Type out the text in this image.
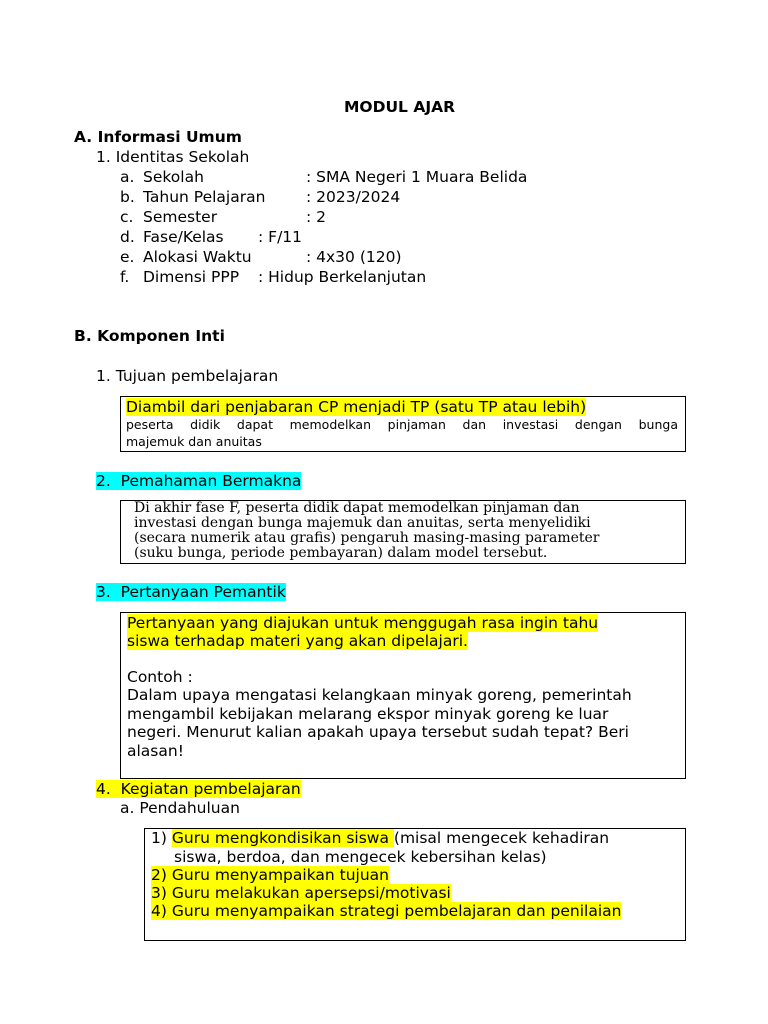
MODUL AJAR
A. Informasi Umum
1. Identitas Sekolah
a. Sekolah	: SMA Negeri 1 Muara Belida
b. Tahun Pelajaran	: 2023/2024
c. Semester	: 2
d. Fase/Kelas : F/11
e. Alokasi Waktu	: 4x30 (120)
f. Dimensi PPP : Hidup Berkelanjutan
B. Komponen Inti
1. Tujuan pembelajaran
Diambil dari penjabaran CP menjadi TP (satu TP atau lebih)
peserta didik dapat memodelkan pinjaman dan investasi dengan bunga
majemuk dan anuitas
2. Pemahaman Bermakna
Di akhir fase F, peserta didik dapat memodelkan pinjaman dan
investasi dengan bunga majemuk dan anuitas, serta menyelidiki
(secara numerik atau grafis) pengaruh masing-masing parameter
(suku bunga, periode pembayaran) dalam model tersebut.
3. Pertanyaan Pemantik
Pertanyaan yang diajukan untuk menggugah rasa ingin tahu
siswa terhadap materi yang akan dipelajari.
Contoh :
Dalam upaya mengatasi kelangkaan minyak goreng, pemerintah
mengambil kebijakan melarang ekspor minyak goreng ke luar
negeri. Menurut kalian apakah upaya tersebut sudah tepat? Beri
alasan!
4. Kegiatan pembelajaran
a. Pendahuluan
1) Guru mengkondisikan siswa (misal mengecek kehadiran
siswa, berdoa, dan mengecek kebersihan kelas)
2) Guru menyampaikan tujuan
3) Guru melakukan apersepsi/motivasi
4) Guru menyampaikan strategi pembelajaran dan penilaian
